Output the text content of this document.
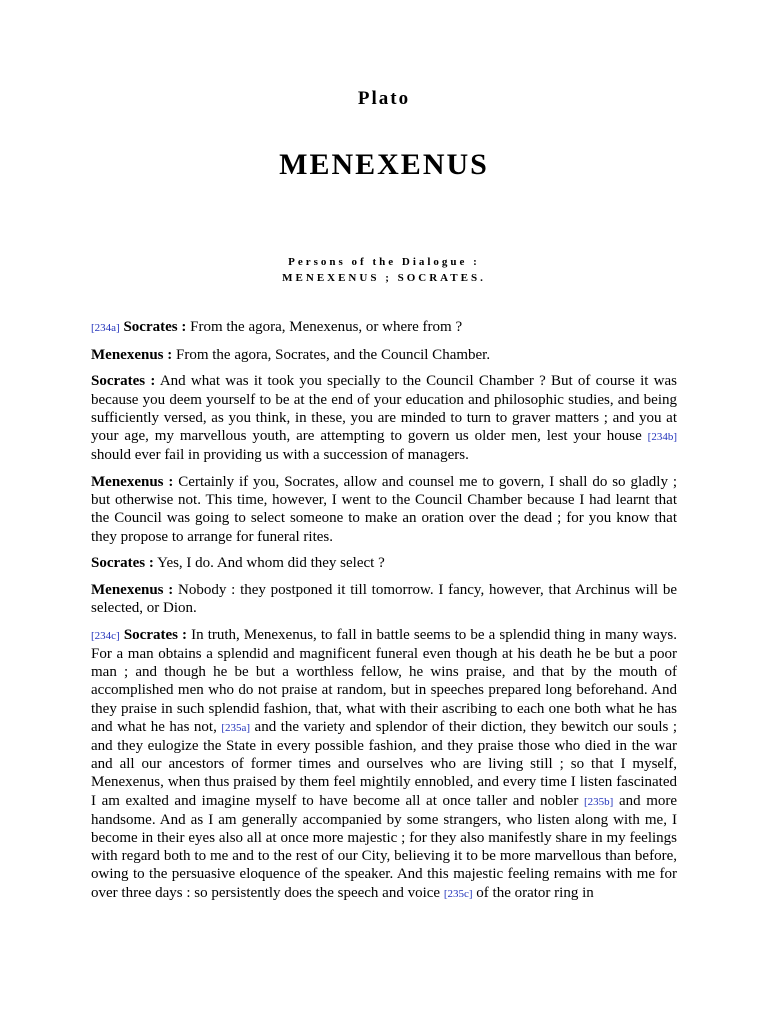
Plato
MENEXENUS
Persons of the Dialogue :
MENEXENUS ; SOCRATES.

[234a] Socrates : From the agora, Menexenus, or where from ?

Menexenus : From the agora, Socrates, and the Council Chamber.

Socrates : And what was it took you specially to the Council Chamber ? But of course it was because you deem yourself to be at the end of your education and philosophic studies, and being sufficiently versed, as you think, in these, you are minded to turn to graver matters ; and you at your age, my marvellous youth, are attempting to govern us older men, lest your house [234b] should ever fail in providing us with a succession of managers.

Menexenus : Certainly if you, Socrates, allow and counsel me to govern, I shall do so gladly ; but otherwise not. This time, however, I went to the Council Chamber because I had learnt that the Council was going to select someone to make an oration over the dead ; for you know that they propose to arrange for funeral rites.

Socrates : Yes, I do. And whom did they select ?

Menexenus : Nobody : they postponed it till tomorrow. I fancy, however, that Archinus will be selected, or Dion.

[234c] Socrates : In truth, Menexenus, to fall in battle seems to be a splendid thing in many ways. For a man obtains a splendid and magnificent funeral even though at his death he be but a poor man ; and though he be but a worthless fellow, he wins praise, and that by the mouth of accomplished men who do not praise at random, but in speeches prepared long beforehand. And they praise in such splendid fashion, that, what with their ascribing to each one both what he has and what he has not, [235a] and the variety and splendor of their diction, they bewitch our souls ; and they eulogize the State in every possible fashion, and they praise those who died in the war and all our ancestors of former times and ourselves who are living still ; so that I myself, Menexenus, when thus praised by them feel mightily ennobled, and every time I listen fascinated I am exalted and imagine myself to have become all at once taller and nobler [235b] and more handsome. And as I am generally accompanied by some strangers, who listen along with me, I become in their eyes also all at once more majestic ; for they also manifestly share in my feelings with regard both to me and to the rest of our City, believing it to be more marvellous than before, owing to the persuasive eloquence of the speaker. And this majestic feeling remains with me for over three days : so persistently does the speech and voice [235c] of the orator ring in
